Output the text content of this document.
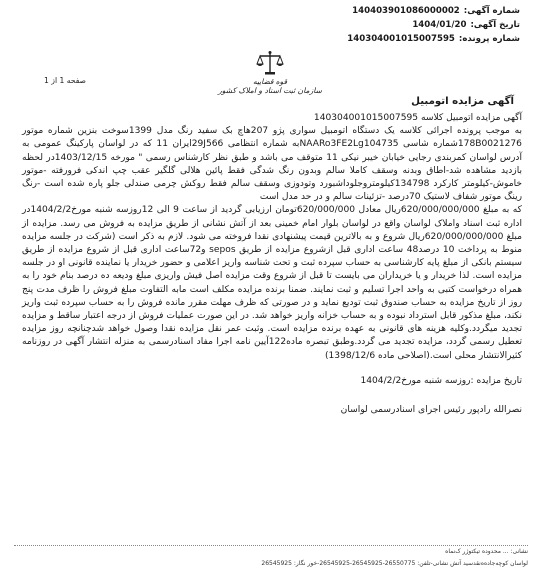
شماره آگهی:
140403901086000002
تاریخ آگهی:
1404/01/20
شماره پرونده:
140304001015007595
قوه قضاییه
سازمان ثبت اسناد و املاک کشور
صفحه 1 از 1
آگهی مزایده اتومبیل

آگهی مزایده اتومبیل کلاسه 140304001015007595

به موجب پرونده اجرائی کلاسه یک دستگاه اتومبیل سواری پژو 207هاچ بک سفید رنگ مدل 1399سوخت بنزین شماره موتور 178B0021276شماره شاسی NAARo3FE2Lg104735به شماره انتظامی 29J566ایران 11 که در لواسان پارکینگ عمومی به آدرس لواسان کمربندی رجایی خیابان خیبر نیکی 11 متوقف می باشد و طبق نظر کارشناس رسمی " مورخه 1403/12/15در لحظه بازدید مشاهده شد-اطاق وبدنه وسقف کاملا سالم وبدون رنگ شدگی فقط پائین هلالی گلگیر عقب چپ اندکی فرورفته -موتور خاموش-کیلومتر کارکرد 134798کیلومتروجلوداشبورد وتودوزی وسقف سالم فقط روکش چرمی صندلی جلو پاره شده است -رنگ رینگ موتور شفاف لاستیک 70درصد -تزئینات سالم و در حد مدل است

که به مبلغ 620/000/000/000ریال معادل 620/000/000تومان ارزیابی گردید از ساعت 9 الی 12روزسه شنبه مورخ1404/2/2در اداره ثبت اسناد واملاک لواسان واقع در لواسان بلوار امام خمینی بعد از آتش نشانی از طریق مزایده به فروش می رسد. مزایده از مبلغ 620/000/000/000ریال شروع و به بالاترین قیمت پیشنهادی نقدا فروخته می شود. لازم به ذکر است (شرکت در جلسه مزایده منوط به پرداخت 10 درصد48 ساعت اداری قبل ازشروع مزایده از طریق sepos و72ساعت اداری قبل از شروع مزایده از طریق سیستم بانکی از مبلغ پایه کارشناسی به حساب سپرده ثبت و تحت شناسه واریز اعلامی و حضور خریدار یا نماینده قانونی او در جلسه مزایده است. لذا خریدار و یا خریداران می بایست تا قبل از شروع وقت مزایده اصل فیش واریزی مبلغ ودیعه ده درصد بنام خود را به همراه درخواست کتبی به واحد اجرا تسلیم و ثبت نمایند. ضمنا برنده مزایده مکلف است مابه التفاوت مبلغ فروش را ظرف مدت پنج روز از تاریخ مزایده به حساب صندوق ثبت تودیع نماید و در صورتی که ظرف مهلت مقرر مانده فروش را به حساب سپرده ثبت واریز نکند، مبلغ مذکور قابل استرداد نبوده و به حساب خزانه واریز خواهد شد. در این صورت عملیات فروش از درجه اعتبار ساقط و مزایده تجدید میگردد.وکلیه هزینه های قانونی به عهده برنده مزایده است. وثبت عمر نقل مزایده نقدا وصول خواهد شدچنانچه روز مزایده تعطیل رسمی گردد، مزایده تجدید می گردد.وطبق تبصره ماده122آیین نامه اجرا مفاد اسنادرسمی به منزله انتشار آگهی در روزنامه کثیرالانتشار محلی است.(اصلاحی ماده 1398/12/6)

تاریخ مزایده :روزسه شنبه مورخ1404/2/2
نصرالله رادپور رئیس اجرای اسنادرسمی لواسان
نشانی: ... محدوده تیکتوژر ک‌نماه
لواسان کوچه‌جاده‌ه‌نقدسید آتش نشانی-تلفن: 26550775-26545925-26545925-خور نگار: 26545925
